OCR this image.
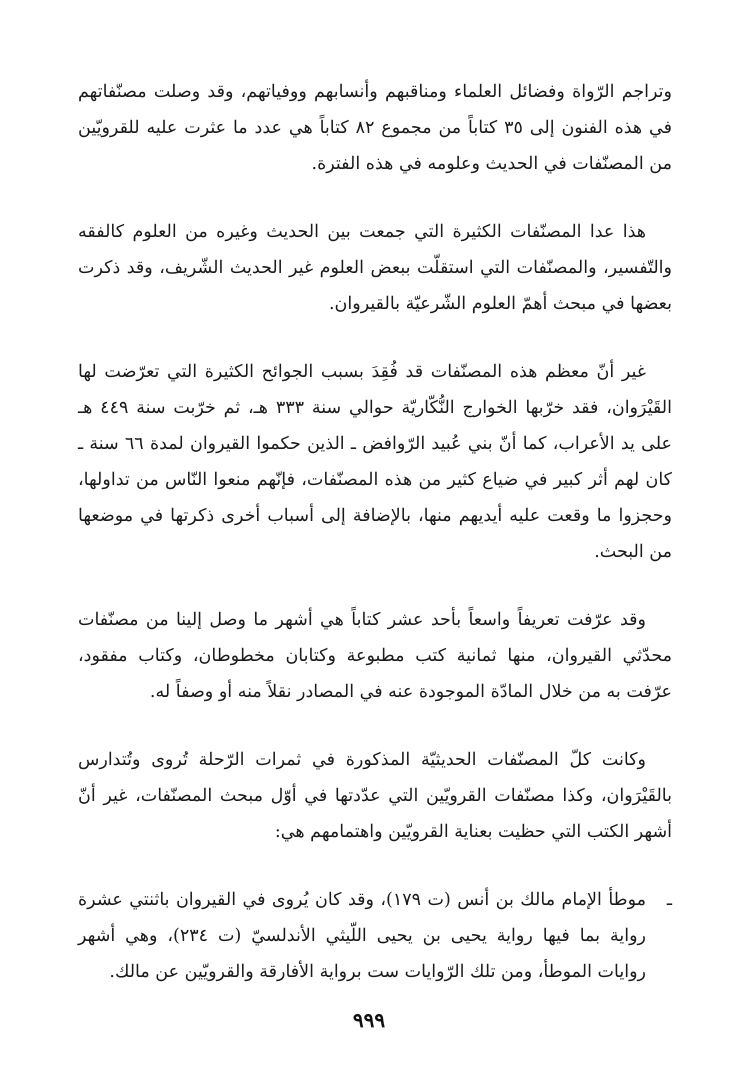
وتراجم الرّواة وفضائل العلماء ومناقبهم وأنسابهم ووفياتهم، وقد وصلت مصنّفاتهم في هذه الفنون إلى ٣٥ كتاباً من مجموع ٨٢ كتاباً هي عدد ما عثرت عليه للقرويّين من المصنّفات في الحديث وعلومه في هذه الفترة.

هذا عدا المصنّفات الكثيرة التي جمعت بين الحديث وغيره من العلوم كالفقه والتّفسير، والمصنّفات التي استقلّت ببعض العلوم غير الحديث الشّريف، وقد ذكرت بعضها في مبحث أهمّ العلوم الشّرعيّة بالقيروان.

غير أنّ معظم هذه المصنّفات قد فُقِدَ بسبب الجوائح الكثيرة التي تعرّضت لها القَيْرَوان، فقد خرّبها الخوارج النُّكّاريّة حوالي سنة ٣٣٣ هـ، ثم خرّبت سنة ٤٤٩ هـ على يد الأعراب، كما أنّ بني عُبيد الرّوافض ـ الذين حكموا القيروان لمدة ٦٦ سنة ـ كان لهم أثر كبير في ضياع كثير من هذه المصنّفات، فإنّهم منعوا النّاس من تداولها، وحجزوا ما وقعت عليه أيديهم منها، بالإضافة إلى أسباب أخرى ذكرتها في موضعها من البحث.

وقد عرّفت تعريفاً واسعاً بأحد عشر كتاباً هي أشهر ما وصل إلينا من مصنّفات محدّثي القيروان، منها ثمانية كتب مطبوعة وكتابان مخطوطان، وكتاب مفقود، عرّفت به من خلال المادّة الموجودة عنه في المصادر نقلاً منه أو وصفاً له.

وكانت كلّ المصنّفات الحديثيّة المذكورة في ثمرات الرّحلة تُروى وتُتدارس بالقَيْرَوان، وكذا مصنّفات القرويّين التي عدّدتها في أوّل مبحث المصنّفات، غير أنّ أشهر الكتب التي حظيت بعناية القرويّين واهتمامهم هي:

ـ
موطأ الإمام مالك بن أنس (ت ١٧٩)، وقد كان يُروى في القيروان باثنتي عشرة رواية بما فيها رواية يحيى بن يحيى اللّيثي الأندلسيّ (ت ٢٣٤)، وهي أشهر روايات الموطأ، ومن تلك الرّوايات ست برواية الأفارقة والقرويّين عن مالك.
٩٩٩
